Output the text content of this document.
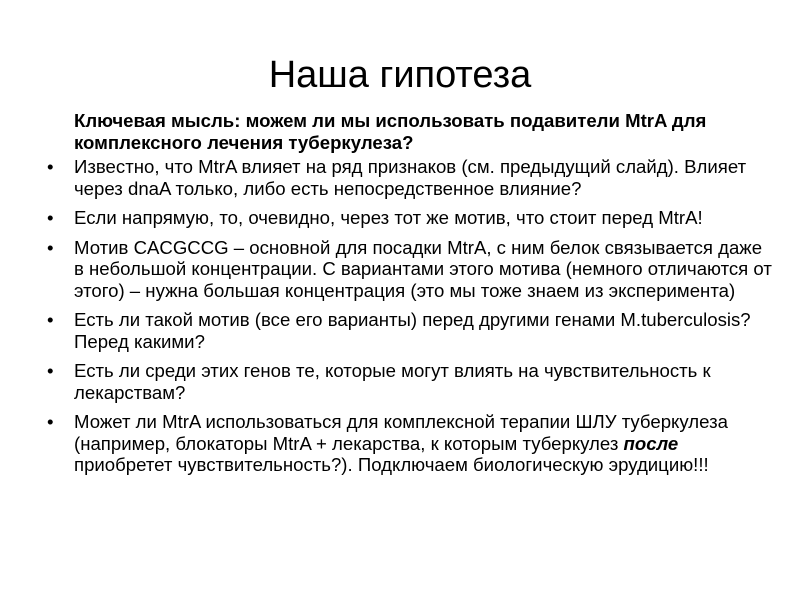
Наша гипотеза

Ключевая мысль: можем ли мы использовать подавители MtrA для комплексного лечения туберкулеза?

•	Известно, что MtrA влияет на ряд признаков (см. предыдущий слайд). Влияет через dnaA только, либо есть непосредственное влияние?

•	Если напрямую, то, очевидно, через тот же мотив, что стоит перед MtrA!

•	Мотив CACGCCG – основной для посадки MtrA, с ним белок связывается даже в небольшой концентрации. С вариантами этого мотива (немного отличаются от этого) – нужна большая концентрация (это мы тоже знаем из эксперимента)

•	Есть ли такой мотив (все его варианты) перед другими генами M.tuberculosis? Перед какими?

•	Есть ли среди этих генов те, которые могут влиять на чувствительность к лекарствам?

•	Может ли MtrA использоваться для комплексной терапии ШЛУ туберкулеза (например, блокаторы MtrA + лекарства, к которым туберкулез после приобретет чувствительность?). Подключаем биологическую эрудицию!!!
